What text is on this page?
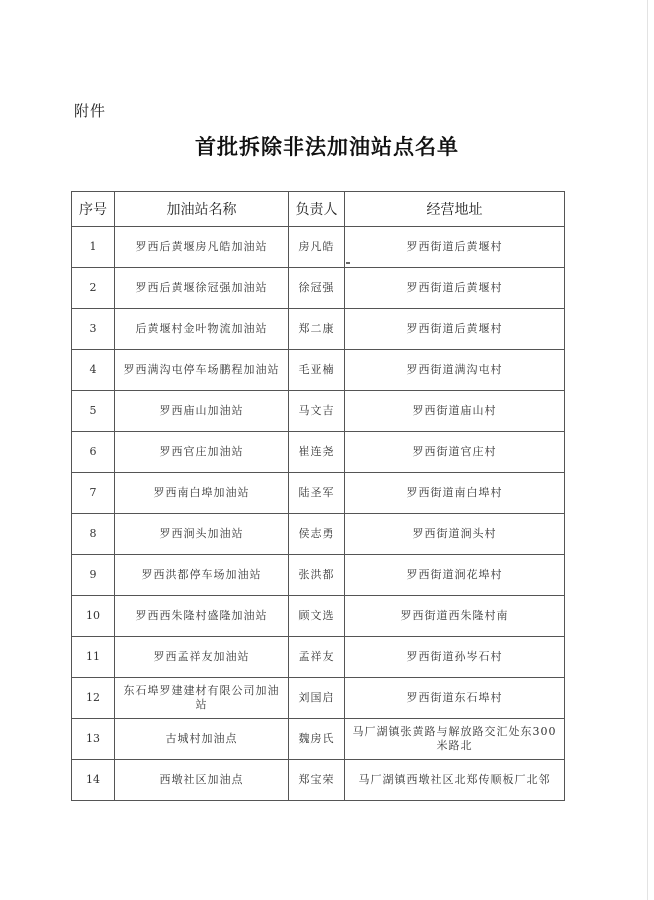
附件
首批拆除非法加油站点名单
序号	加油站名称	负责人	经营地址
1	罗西后黄堰房凡皓加油站	房凡皓	罗西街道后黄堰村
2	罗西后黄堰徐冠强加油站	徐冠强	罗西街道后黄堰村
3	后黄堰村金叶物流加油站	郑二康	罗西街道后黄堰村
4	罗西满沟屯停车场鹏程加油站	毛亚楠	罗西街道满沟屯村
5	罗西庙山加油站	马文吉	罗西街道庙山村
6	罗西官庄加油站	崔连尧	罗西街道官庄村
7	罗西南白埠加油站	陆圣军	罗西街道南白埠村
8	罗西涧头加油站	侯志勇	罗西街道涧头村
9	罗西洪都停车场加油站	张洪都	罗西街道涧花埠村
10	罗西西朱隆村盛隆加油站	顾文选	罗西街道西朱隆村南
11	罗西孟祥友加油站	孟祥友	罗西街道孙岑石村
12	东石埠罗建建材有限公司加油站	刘国启	罗西街道东石埠村
13	古城村加油点	魏房氏	马厂湖镇张黄路与解放路交汇处东300米路北
14	西墩社区加油点	郑宝荣	马厂湖镇西墩社区北郑传顺板厂北邻
